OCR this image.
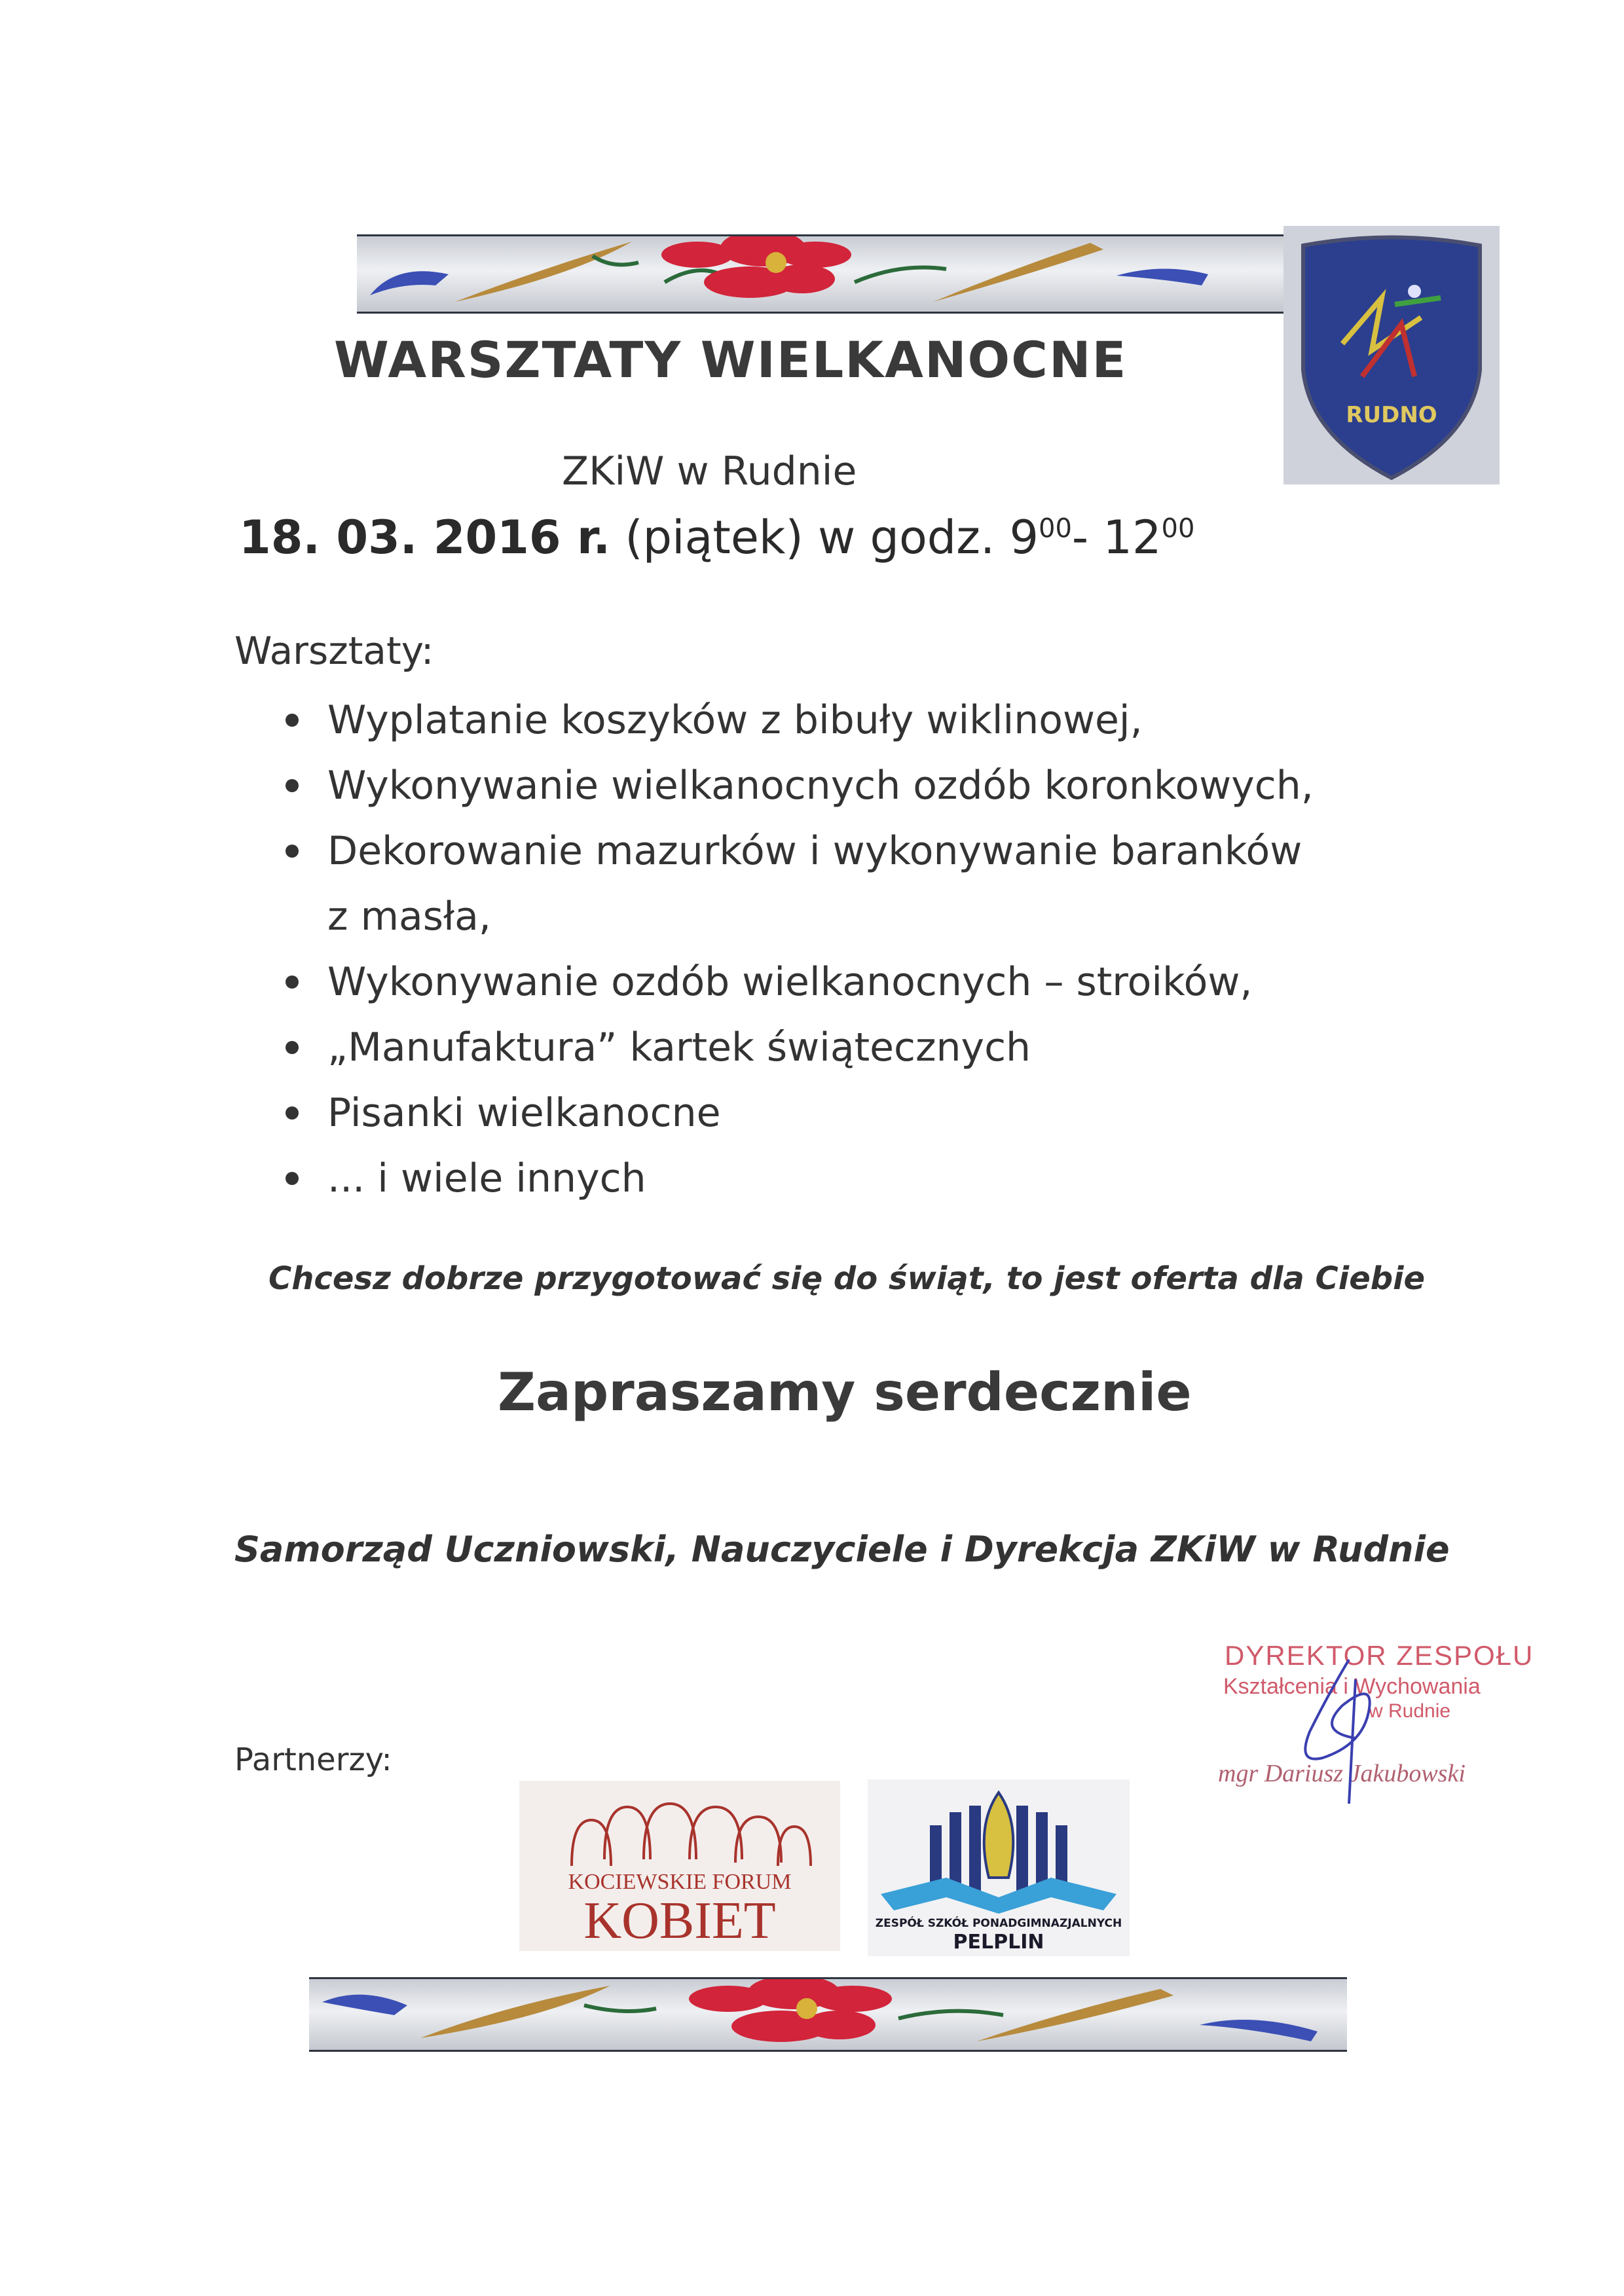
RUDNO
WARSZTATY WIELKANOCNE
ZKiW w Rudnie
18. 03. 2016 r. (piątek) w godz. $9^{00}-$ $12^{00}$
Warsztaty:
Wyplatanie koszyków z bibuły wiklinowej,
Wykonywanie wielkanocnych ozdób koronkowych,
Dekorowanie mazurków i wykonywanie baranków
z masła,
Wykonywanie ozdób wielkanocnych – stroików,
„Manufaktura” kartek świątecznych
Pisanki wielkanocne
... i wiele innych
Chcesz dobrze przygotować się do świąt, to jest oferta dla Ciebie
Zapraszamy serdecznie
Samorząd Uczniowski, Nauczyciele i Dyrekcja ZKiW w Rudnie
DYREKTOR ZESPOŁU
Kształcenia i Wychowania
w Rudnie
mgr Dariusz Jakubowski
Partnerzy:
KOCIEWSKIE FORUM
KOBIET	ZESPÓŁ SZKÓŁ PONADGIMNAZJALNYCH
PELPLIN
